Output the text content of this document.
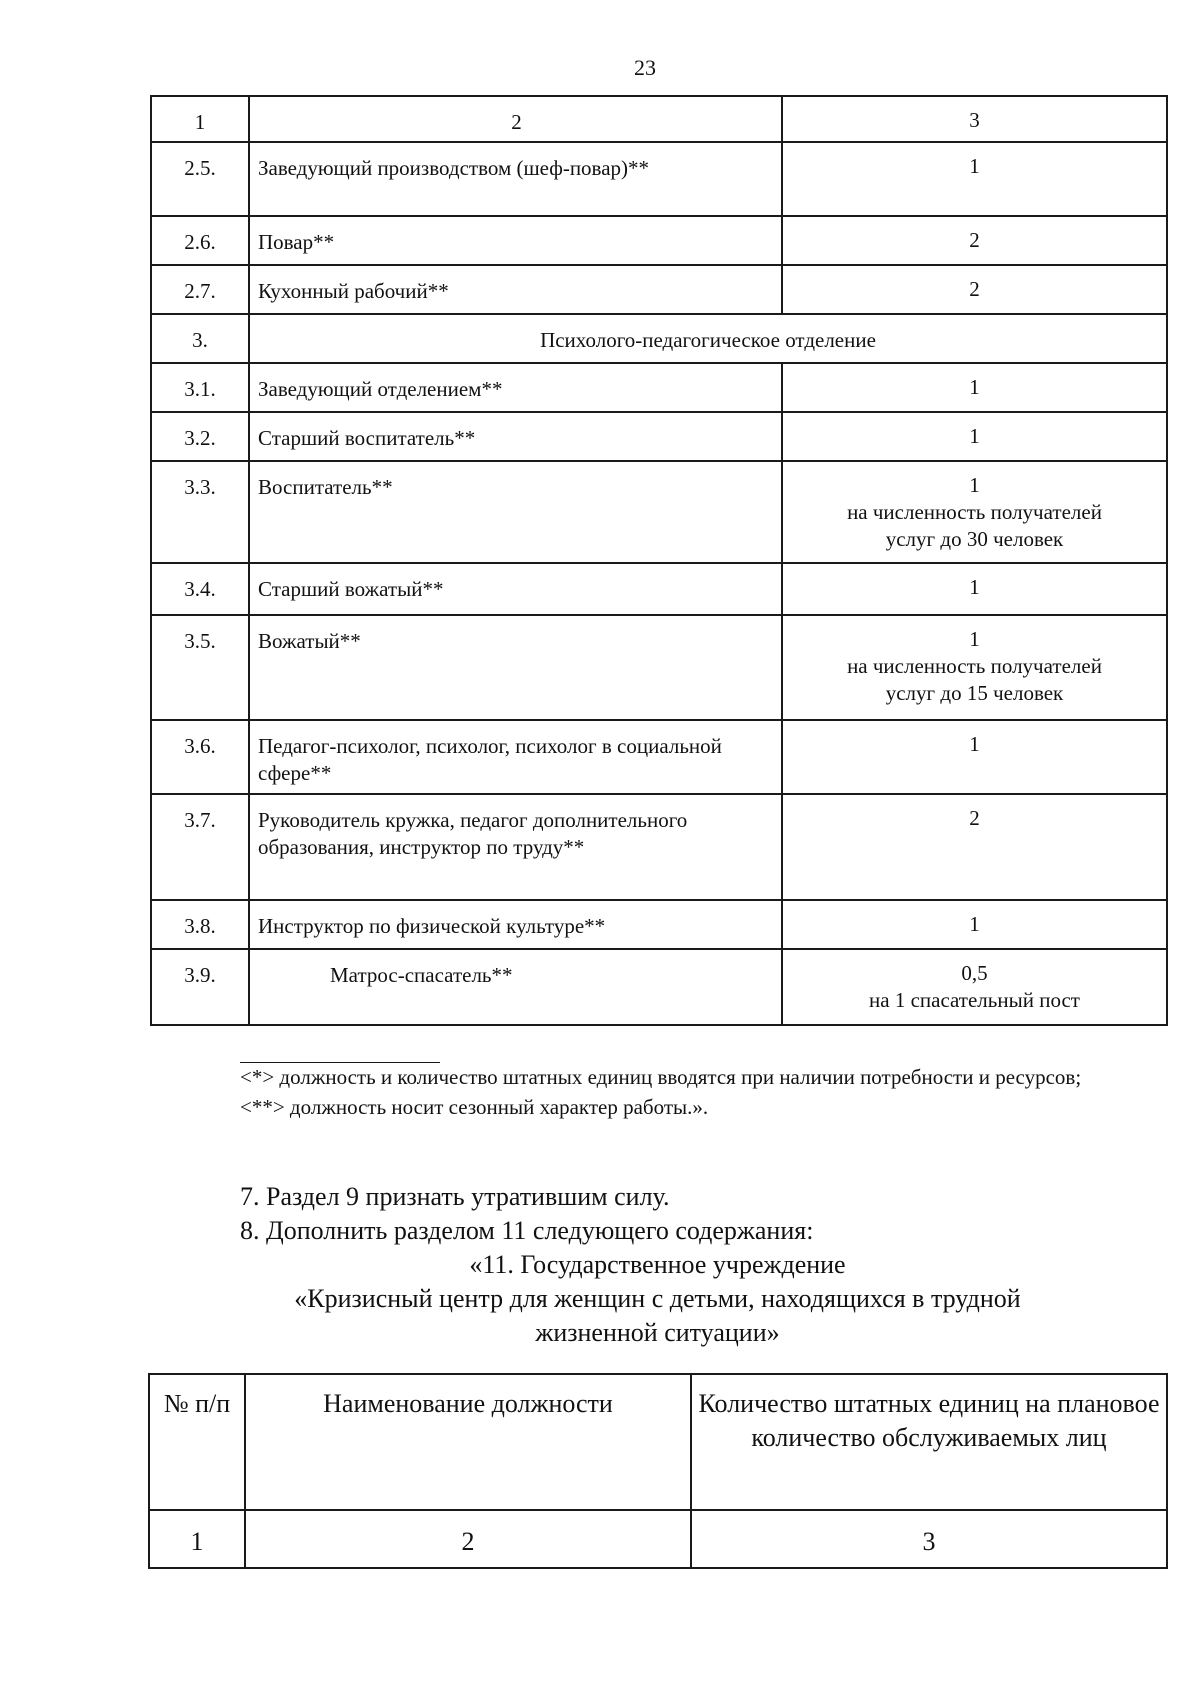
23
1	2	3
2.5.	Заведующий производством (шеф-повар)**	1
2.6.	Повар**	2
2.7.	Кухонный рабочий**	2
3.	Психолого-педагогическое отделение	
3.1.	Заведующий отделением**	1
3.2.	Старший воспитатель**	1
3.3.	Воспитатель**	1
на численность получателей услуг до 30 человек

3.4.	Старший вожатый**	1
3.5.	Вожатый**	1
на численность получателей услуг до 15 человек

3.6.	Педагог-психолог, психолог, психолог в социальной сфере**	1
3.7.	Руководитель кружка, педагог дополнительного образования, инструктор по труду**	2
3.8.	Инструктор по физической культуре**	1
3.9.	Матрос-спасатель**	0,5
на 1 спасательный пост

<*> должность и количество штатных единиц вводятся при наличии потребности и ресурсов;

<**> должность носит сезонный характер работы.».

7. Раздел 9 признать утратившим силу.

8. Дополнить разделом 11 следующего содержания:

«11. Государственное учреждение

«Кризисный центр для женщин с детьми, находящихся в трудной

жизненной ситуации»

№ п/п	Наименование должности	Количество штатных единиц на плановое количество обслуживаемых лиц
1	2	3
